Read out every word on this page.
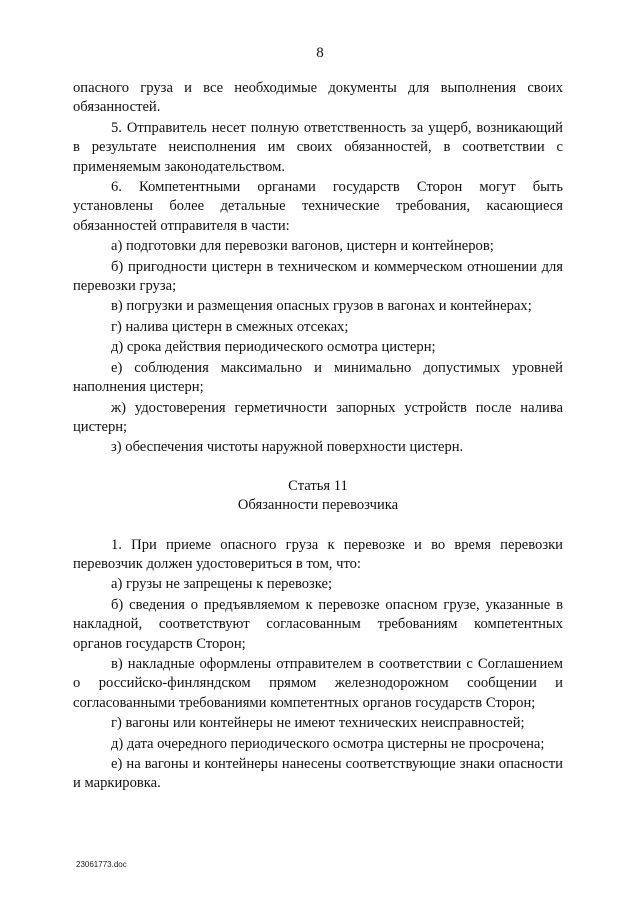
8

опасного груза и все необходимые документы для выполнения своих обязанностей.

5. Отправитель несет полную ответственность за ущерб, возникающий в результате неисполнения им своих обязанностей, в соответствии с применяемым законодательством.

6. Компетентными органами государств Сторон могут быть установлены более детальные технические требования, касающиеся обязанностей отправителя в части:

а) подготовки для перевозки вагонов, цистерн и контейнеров;

б) пригодности цистерн в техническом и коммерческом отношении для перевозки груза;

в) погрузки и размещения опасных грузов в вагонах и контейнерах;

г) налива цистерн в смежных отсеках;

д) срока действия периодического осмотра цистерн;

е) соблюдения максимально и минимально допустимых уровней наполнения цистерн;

ж) удостоверения герметичности запорных устройств после налива цистерн;

з) обеспечения чистоты наружной поверхности цистерн.

Статья 11
Обязанности перевозчика

1. При приеме опасного груза к перевозке и во время перевозки перевозчик должен удостовериться в том, что:

а) грузы не запрещены к перевозке;

б) сведения о предъявляемом к перевозке опасном грузе, указанные в накладной, соответствуют согласованным требованиям компетентных органов государств Сторон;

в) накладные оформлены отправителем в соответствии с Соглашением о российско-финляндском прямом железнодорожном сообщении и согласованными требованиями компетентных органов государств Сторон;

г) вагоны или контейнеры не имеют технических неисправностей;

д) дата очередного периодического осмотра цистерны не просрочена;

е) на вагоны и контейнеры нанесены соответствующие знаки опасности и маркировка.

23061773.doc
